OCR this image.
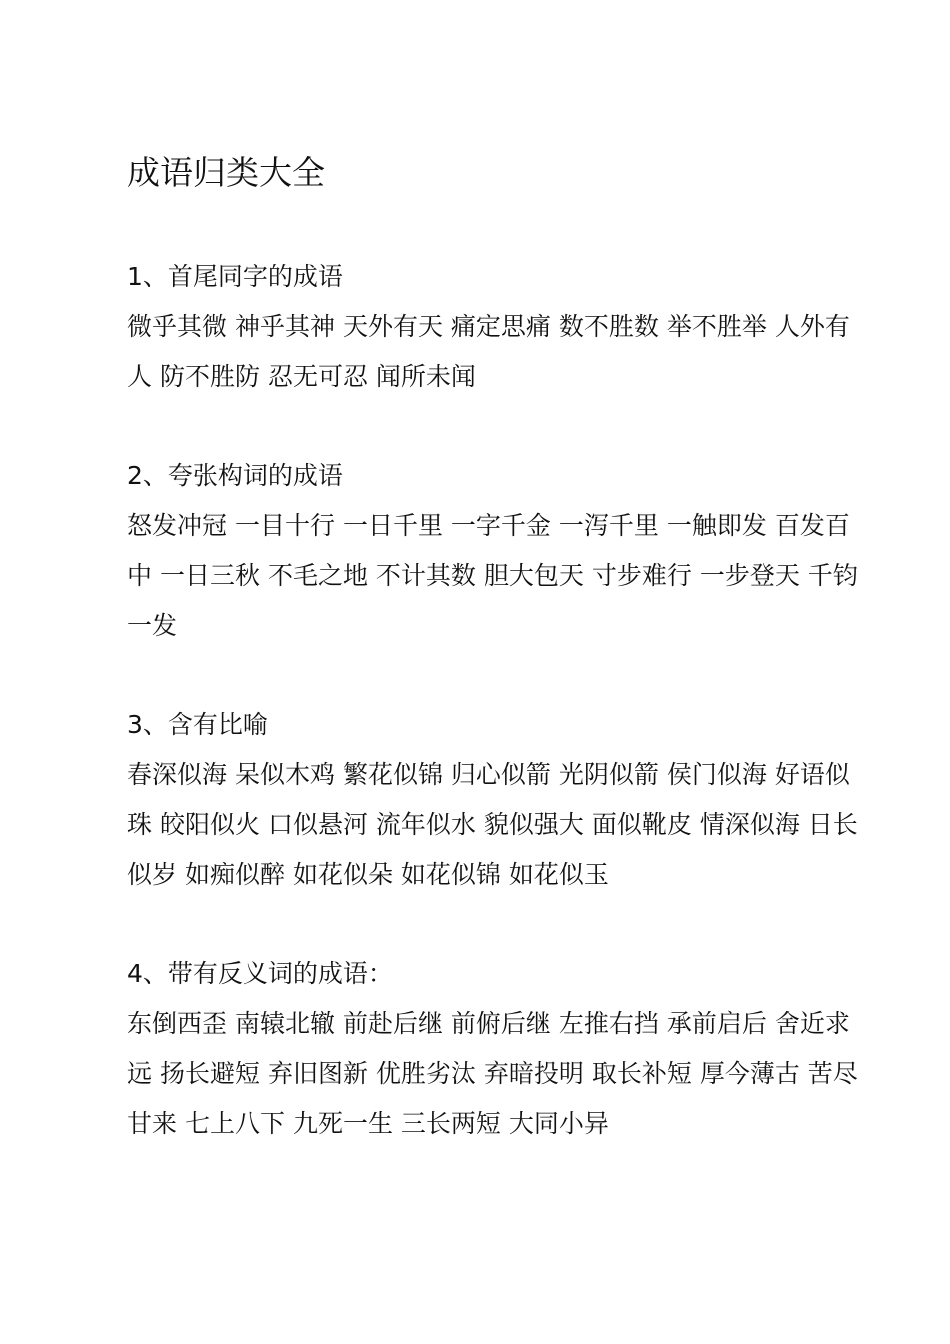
成语归类大全
1、首尾同字的成语
微乎其微 神乎其神 天外有天 痛定思痛 数不胜数 举不胜举 人外有人 防不胜防 忍无可忍 闻所未闻
2、夸张构词的成语
怒发冲冠 一目十行 一日千里 一字千金 一泻千里 一触即发 百发百中 一日三秋 不毛之地 不计其数 胆大包天 寸步难行 一步登天 千钧一发
3、含有比喻
春深似海 呆似木鸡 繁花似锦 归心似箭 光阴似箭 侯门似海 好语似珠 皎阳似火 口似悬河 流年似水 貌似强大 面似靴皮 情深似海 日长似岁 如痴似醉 如花似朵 如花似锦 如花似玉
4、带有反义词的成语：
东倒西歪 南辕北辙 前赴后继 前俯后继 左推右挡 承前启后 舍近求远 扬长避短 弃旧图新 优胜劣汰 弃暗投明 取长补短 厚今薄古 苦尽甘来 七上八下 九死一生 三长两短 大同小异
